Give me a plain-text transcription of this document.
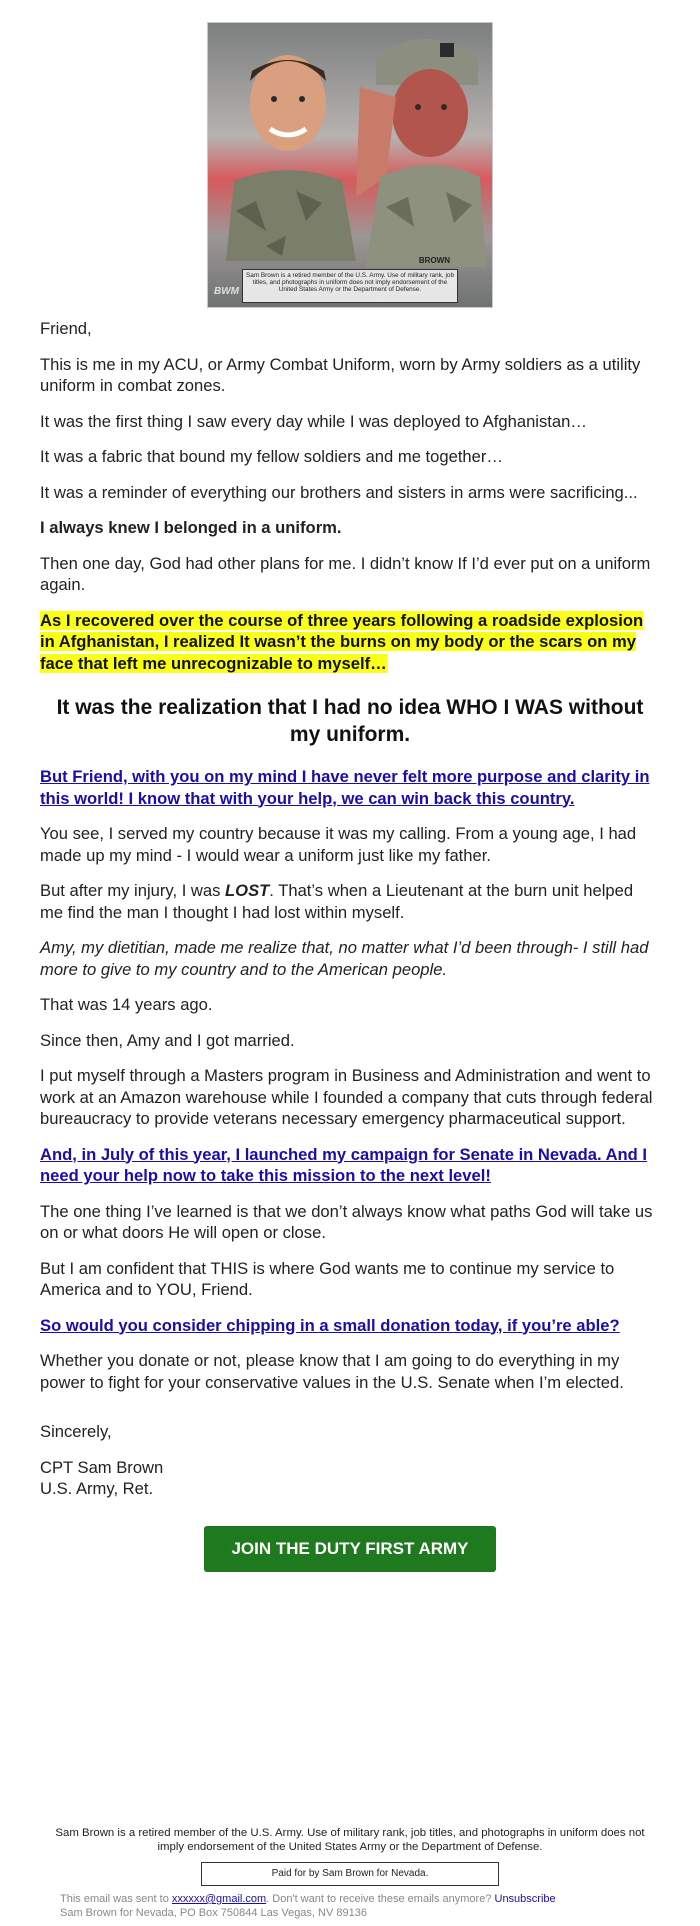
BWM
BROWN
Sam Brown is a retired member of the U.S. Army. Use of military rank, job titles, and photographs in uniform does not imply endorsement of the United States Army or the Department of Defense.

Friend,

This is me in my ACU, or Army Combat Uniform, worn by Army soldiers as a utility uniform in combat zones.

It was the first thing I saw every day while I was deployed to Afghanistan…

It was a fabric that bound my fellow soldiers and me together…

It was a reminder of everything our brothers and sisters in arms were sacrificing...

I always knew I belonged in a uniform.

Then one day, God had other plans for me. I didn’t know If I’d ever put on a uniform again.

As I recovered over the course of three years following a roadside explosion in Afghanistan, I realized It wasn’t the burns on my body or the scars on my face that left me unrecognizable to myself…

It was the realization that I had no idea WHO I WAS without my uniform.

But Friend, with you on my mind I have never felt more purpose and clarity in this world! I know that with your help, we can win back this country.

You see, I served my country because it was my calling. From a young age, I had made up my mind - I would wear a uniform just like my father.

But after my injury, I was LOST. That’s when a Lieutenant at the burn unit helped me find the man I thought I had lost within myself.

Amy, my dietitian, made me realize that, no matter what I’d been through- I still had more to give to my country and to the American people.

That was 14 years ago.

Since then, Amy and I got married.

I put myself through a Masters program in Business and Administration and went to work at an Amazon warehouse while I founded a company that cuts through federal bureaucracy to provide veterans necessary emergency pharmaceutical support.

And, in July of this year, I launched my campaign for Senate in Nevada. And I need your help now to take this mission to the next level!

The one thing I’ve learned is that we don’t always know what paths God will take us on or what doors He will open or close.

But I am confident that THIS is where God wants me to continue my service to America and to YOU, Friend.

So would you consider chipping in a small donation today, if you’re able?

Whether you donate or not, please know that I am going to do everything in my power to fight for your conservative values in the U.S. Senate when I’m elected.

Sincerely,

CPT Sam Brown
U.S. Army, Ret.

JOIN THE DUTY FIRST ARMY
Sam Brown is a retired member of the U.S. Army. Use of military rank, job titles, and photographs in uniform does not imply endorsement of the United States Army or the Department of Defense.
Paid for by Sam Brown for Nevada.
This email was sent to xxxxxx@gmail.com. Don't want to receive these emails anymore? Unsubscribe
Sam Brown for Nevada, PO Box 750844 Las Vegas, NV 89136
